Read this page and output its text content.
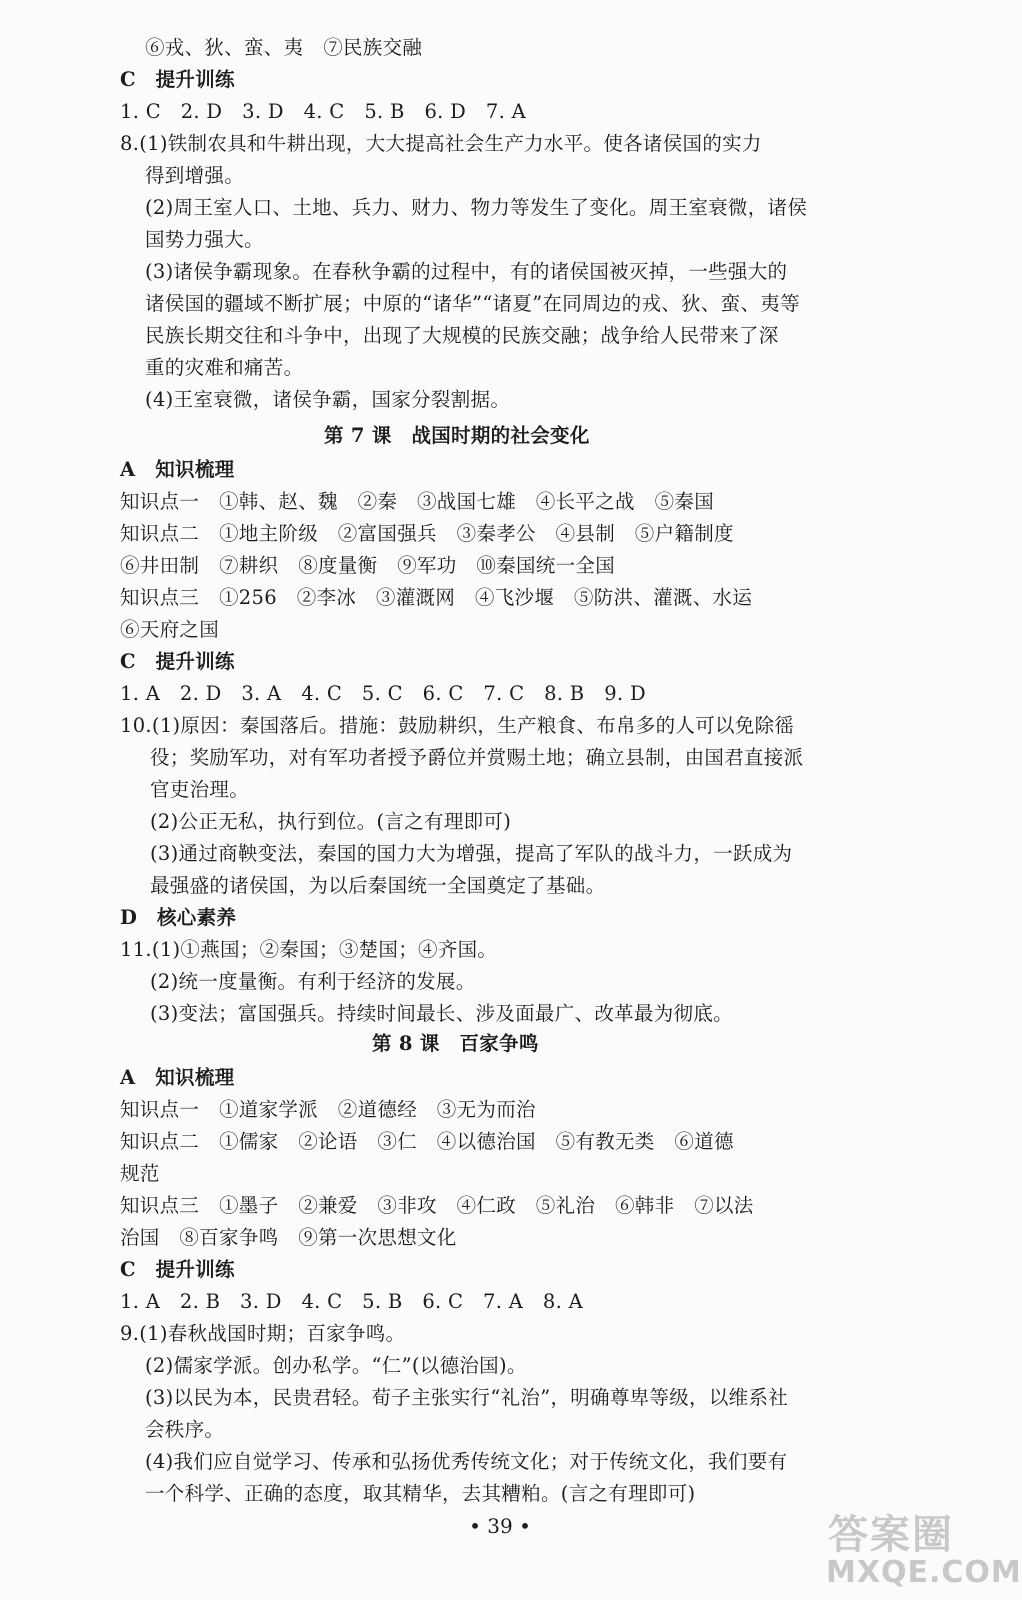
⑥戎、狄、蛮、夷　⑦民族交融
C　提升训练
1. C　2. D　3. D　4. C　5. B　6. D　7. A
8.(1)铁制农具和牛耕出现，大大提高社会生产力水平。使各诸侯国的实力
得到增强。
(2)周王室人口、土地、兵力、财力、物力等发生了变化。周王室衰微，诸侯
国势力强大。
(3)诸侯争霸现象。在春秋争霸的过程中，有的诸侯国被灭掉，一些强大的
诸侯国的疆域不断扩展；中原的“诸华”“诸夏”在同周边的戎、狄、蛮、夷等
民族长期交往和斗争中，出现了大规模的民族交融；战争给人民带来了深
重的灾难和痛苦。
(4)王室衰微，诸侯争霸，国家分裂割据。
第 7 课　战国时期的社会变化
A　知识梳理
知识点一　①韩、赵、魏　②秦　③战国七雄　④长平之战　⑤秦国
知识点二　①地主阶级　②富国强兵　③秦孝公　④县制　⑤户籍制度
⑥井田制　⑦耕织　⑧度量衡　⑨军功　⑩秦国统一全国
知识点三　①256　②李冰　③灌溉网　④飞沙堰　⑤防洪、灌溉、水运
⑥天府之国
C　提升训练
1. A　2. D　3. A　4. C　5. C　6. C　7. C　8. B　9. D
10.(1)原因：秦国落后。措施：鼓励耕织，生产粮食、布帛多的人可以免除徭
役；奖励军功，对有军功者授予爵位并赏赐土地；确立县制，由国君直接派
官吏治理。
(2)公正无私，执行到位。(言之有理即可)
(3)通过商鞅变法，秦国的国力大为增强，提高了军队的战斗力，一跃成为
最强盛的诸侯国，为以后秦国统一全国奠定了基础。
D　核心素养
11.(1)①燕国；②秦国；③楚国；④齐国。
(2)统一度量衡。有利于经济的发展。
(3)变法；富国强兵。持续时间最长、涉及面最广、改革最为彻底。
第 8 课　百家争鸣
A　知识梳理
知识点一　①道家学派　②道德经　③无为而治
知识点二　①儒家　②论语　③仁　④以德治国　⑤有教无类　⑥道德
规范
知识点三　①墨子　②兼爱　③非攻　④仁政　⑤礼治　⑥韩非　⑦以法
治国　⑧百家争鸣　⑨第一次思想文化
C　提升训练
1. A　2. B　3. D　4. C　5. B　6. C　7. A　8. A
9.(1)春秋战国时期；百家争鸣。
(2)儒家学派。创办私学。“仁”(以德治国)。
(3)以民为本，民贵君轻。荀子主张实行“礼治”，明确尊卑等级，以维系社
会秩序。
(4)我们应自觉学习、传承和弘扬优秀传统文化；对于传统文化，我们要有
一个科学、正确的态度，取其精华，去其糟粕。(言之有理即可)
• 39 •	答案圈
MXQE.COM
